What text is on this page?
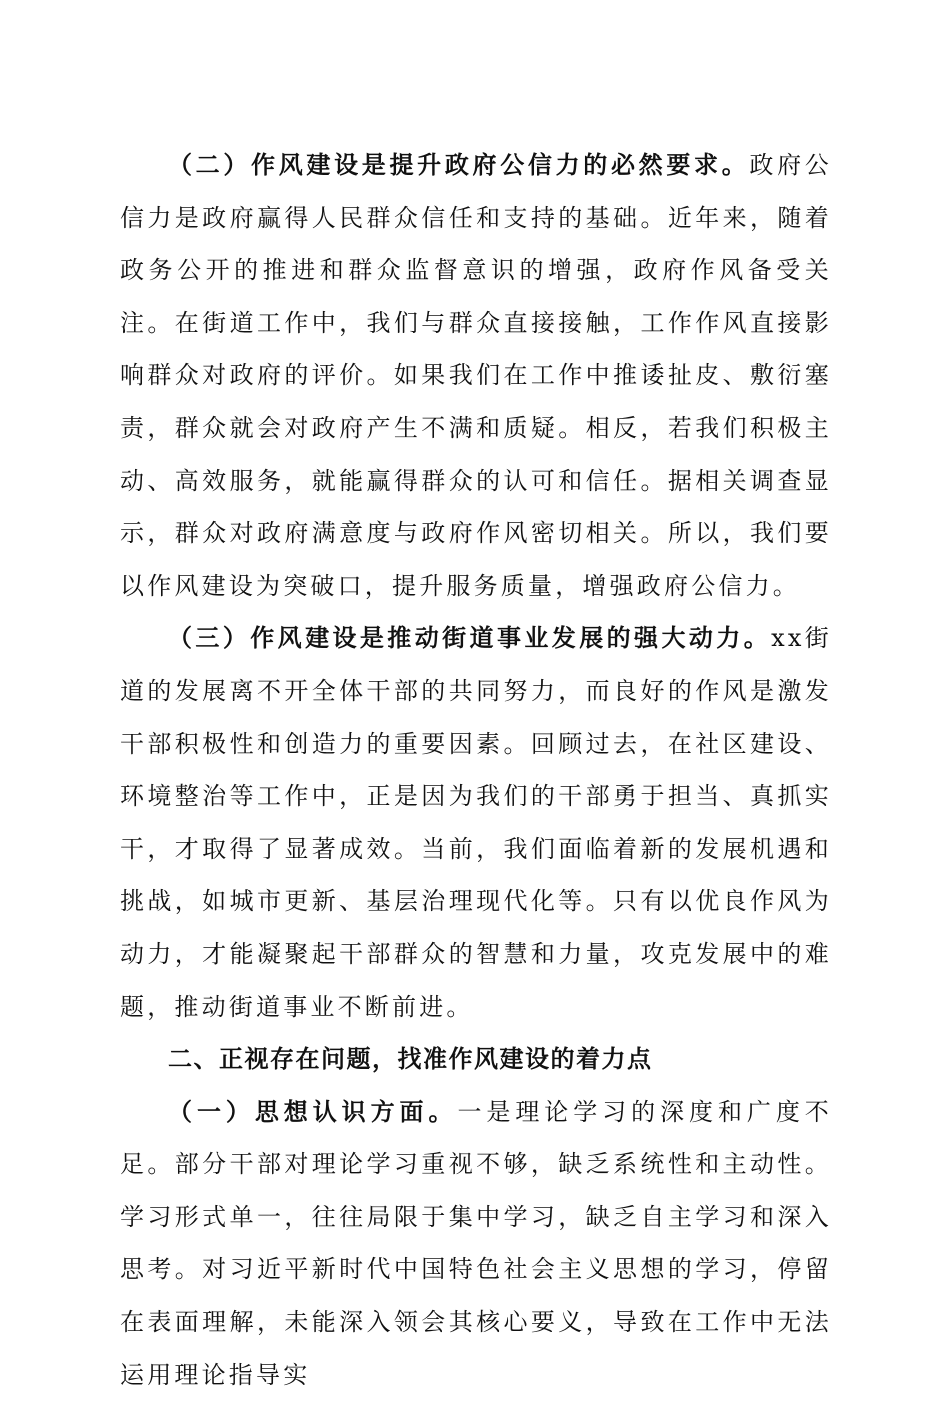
（二）作风建设是提升政府公信力的必然要求。政府公信力是政府赢得人民群众信任和支持的基础。近年来，随着政务公开的推进和群众监督意识的增强，政府作风备受关注。在街道工作中，我们与群众直接接触，工作作风直接影响群众对政府的评价。如果我们在工作中推诿扯皮、敷衍塞责，群众就会对政府产生不满和质疑。相反，若我们积极主动、高效服务，就能赢得群众的认可和信任。据相关调查显示，群众对政府满意度与政府作风密切相关。所以，我们要以作风建设为突破口，提升服务质量，增强政府公信力。

（三）作风建设是推动街道事业发展的强大动力。xx街道的发展离不开全体干部的共同努力，而良好的作风是激发干部积极性和创造力的重要因素。回顾过去，在社区建设、环境整治等工作中，正是因为我们的干部勇于担当、真抓实干，才取得了显著成效。当前，我们面临着新的发展机遇和挑战，如城市更新、基层治理现代化等。只有以优良作风为动力，才能凝聚起干部群众的智慧和力量，攻克发展中的难题，推动街道事业不断前进。

二、正视存在问题，找准作风建设的着力点

（一）思想认识方面。一是理论学习的深度和广度不足。部分干部对理论学习重视不够，缺乏系统性和主动性。学习形式单一，往往局限于集中学习，缺乏自主学习和深入思考。对习近平新时代中国特色社会主义思想的学习，停留在表面理解，未能深入领会其核心要义，导致在工作中无法运用理论指导实
